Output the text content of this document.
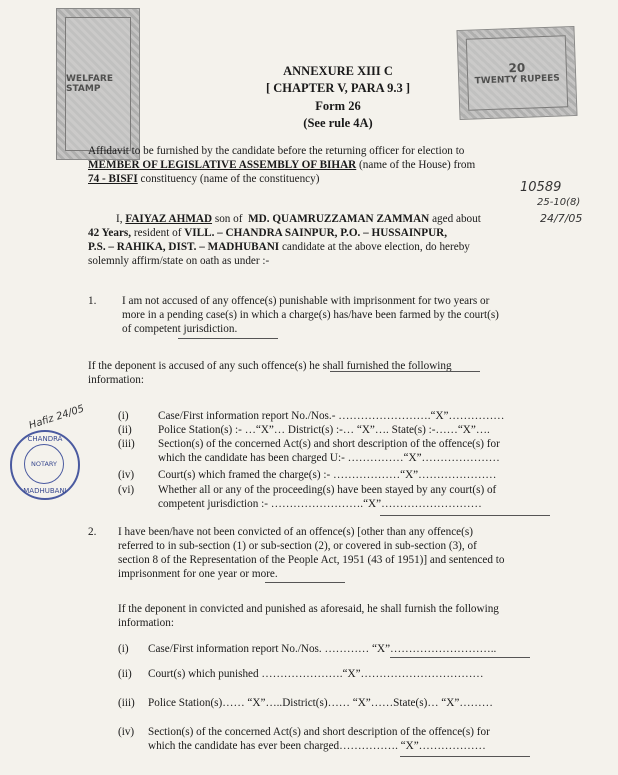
WELFARE STAMP
20
TWENTY RUPEES
ANNEXURE XIII C
[ CHAPTER V, PARA 9.3 ]
Form 26
(See rule 4A)
10589
25-10(8)
24/7/05
Affidavit to be furnished by the candidate before the returning officer for election to
MEMBER OF LEGISLATIVE ASSEMBLY OF BIHAR (name of the House) from
74 - BISFI constituency (name of the constituency)
I, FAIYAZ AHMAD son of MD. QUAMRUZZAMAN ZAMMAN aged about
42 Years, resident of VILL. – CHANDRA SAINPUR, P.O. – HUSSAINPUR,
P.S. – RAHIKA, DIST. – MADHUBANI candidate at the above election, do hereby
solemnly affirm/state on oath as under :-
1. I am not accused of any offence(s) punishable with imprisonment for two years or
more in a pending case(s) in which a charge(s) has/have been farmed by the court(s)
of competent jurisdiction.
If the deponent is accused of any such offence(s) he shall furnished the following
information:
Hafiz 24/05
CHANDRA
NOTARY
MADHUBANI
(i)	Case/First information report No./Nos.- …………………….“X”……………
(ii) Police Station(s) :- …“X”… District(s) :-… “X”…. State(s) :-……“X”….
(iii) Section(s) of the concerned Act(s) and short description of the offence(s) for
which the candidate has been charged U:- ……………“X”…………………
(iv) Court(s) which framed the charge(s) :- ………………“X”…………………
(vi) Whether all or any of the proceeding(s) have been stayed by any court(s) of
competent jurisdiction :- …………………….“X”………………………
2. I have been/have not been convicted of an offence(s) [other than any offence(s)
referred to in sub-section (1) or sub-section (2), or covered in sub-section (3), of
section 8 of the Representation of the People Act, 1951 (43 of 1951)] and sentenced to
imprisonment for one year or more.
If the deponent in convicted and punished as aforesaid, he shall furnish the following
information:
(i) Case/First information report No./Nos. ………… “X”………………………..
(ii) Court(s) which punished ………………….“X”……………………………
(iii) Police Station(s)…… “X”…..District(s)…… “X”……State(s)… “X”………
(iv) Section(s) of the concerned Act(s) and short description of the offence(s) for
which the candidate has ever been charged……………. “X”………………
